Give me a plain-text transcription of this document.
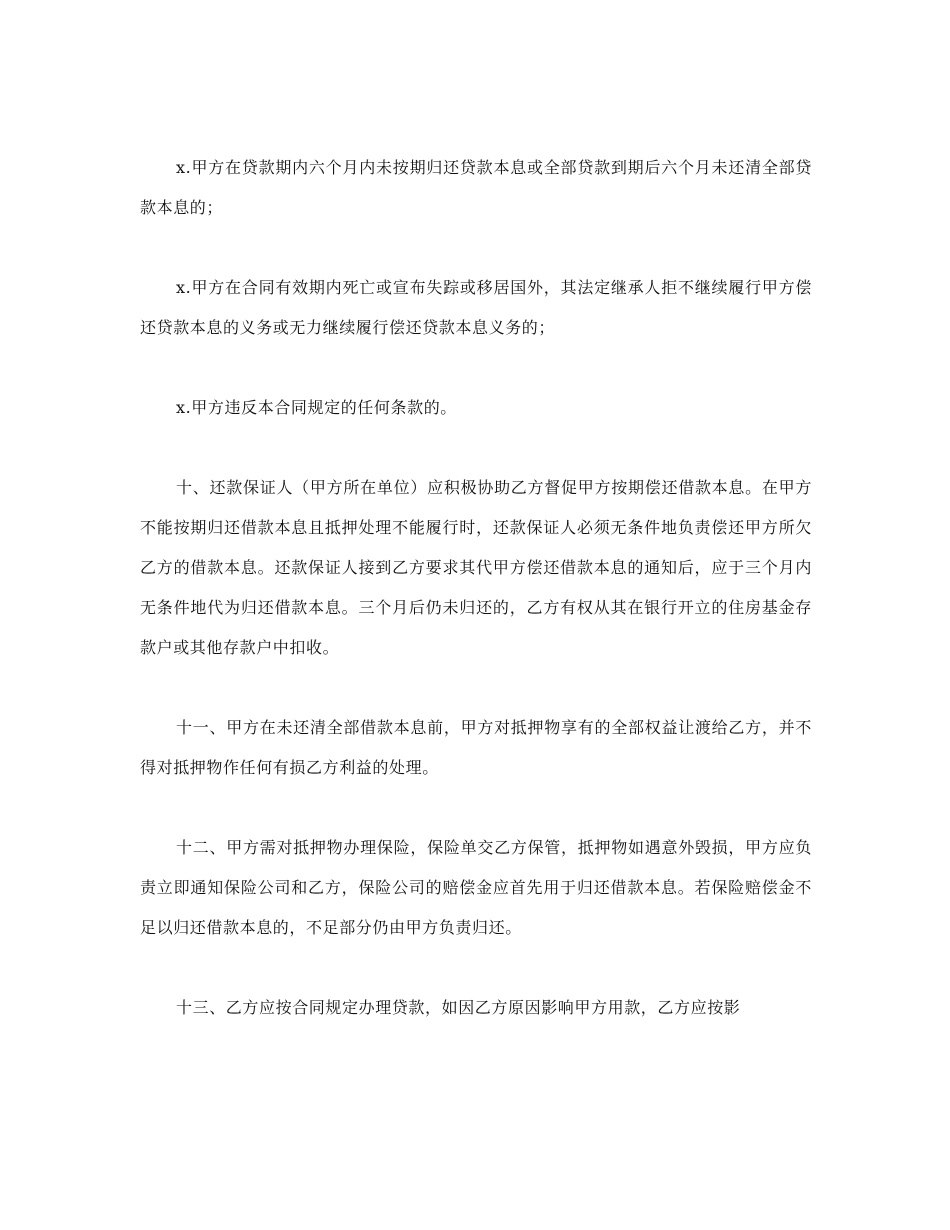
x.甲方在贷款期内六个月内未按期归还贷款本息或全部贷款到期后六个月未还清全部贷款本息的；

x.甲方在合同有效期内死亡或宣布失踪或移居国外，其法定继承人拒不继续履行甲方偿还贷款本息的义务或无力继续履行偿还贷款本息义务的；

x.甲方违反本合同规定的任何条款的。

十、还款保证人（甲方所在单位）应积极协助乙方督促甲方按期偿还借款本息。在甲方不能按期归还借款本息且抵押处理不能履行时，还款保证人必须无条件地负责偿还甲方所欠乙方的借款本息。还款保证人接到乙方要求其代甲方偿还借款本息的通知后，应于三个月内无条件地代为归还借款本息。三个月后仍未归还的，乙方有权从其在银行开立的住房基金存款户或其他存款户中扣收。

十一、甲方在未还清全部借款本息前，甲方对抵押物享有的全部权益让渡给乙方，并不得对抵押物作任何有损乙方利益的处理。

十二、甲方需对抵押物办理保险，保险单交乙方保管，抵押物如遇意外毁损，甲方应负责立即通知保险公司和乙方，保险公司的赔偿金应首先用于归还借款本息。若保险赔偿金不足以归还借款本息的，不足部分仍由甲方负责归还。

十三、乙方应按合同规定办理贷款，如因乙方原因影响甲方用款，乙方应按影
